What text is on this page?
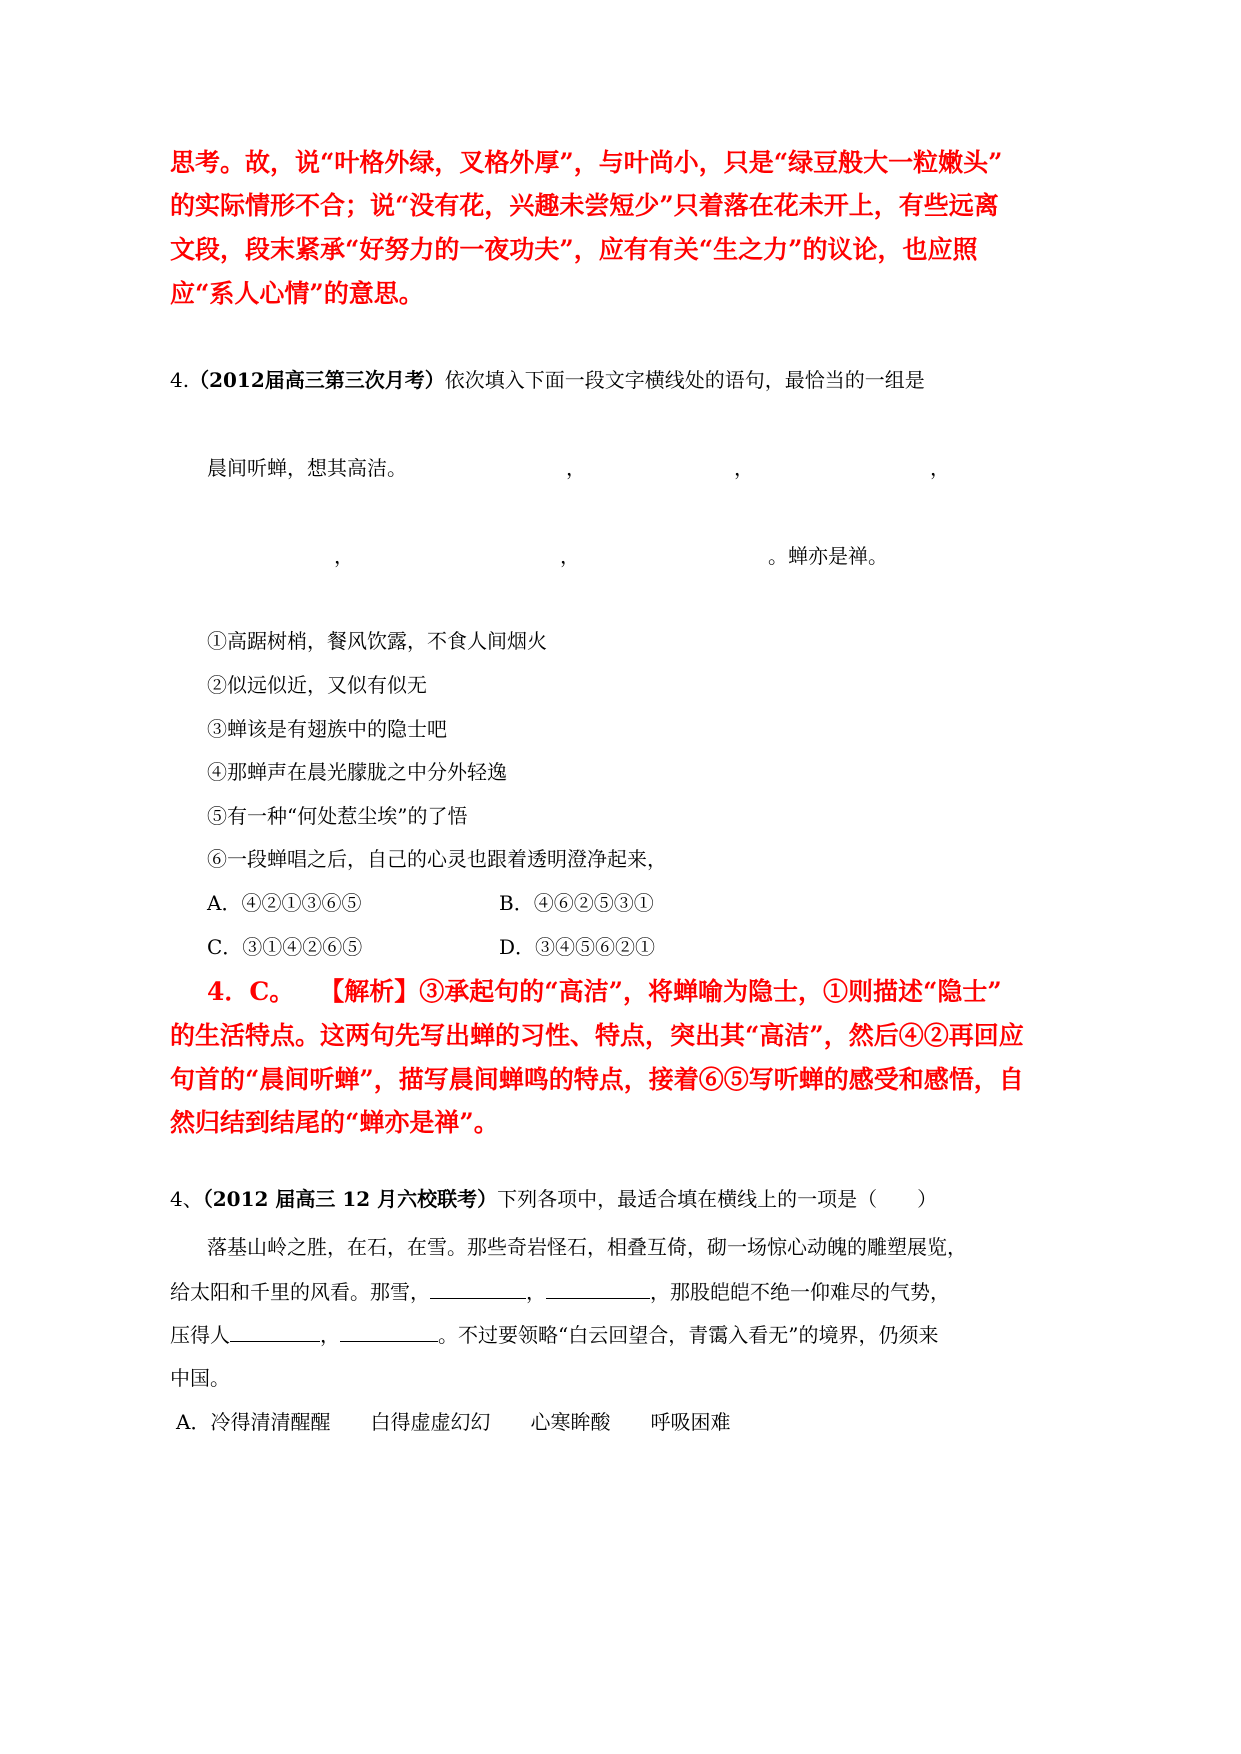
思考。故，说“叶格外绿，叉格外厚”，与叶尚小，只是“绿豆般大一粒嫩头”
的实际情形不合；说“没有花，兴趣未尝短少”只着落在花未开上，有些远离
文段，段末紧承“好努力的一夜功夫”，应有有关“生之力”的议论，也应照
应“系人心情”的意思。
4.（2012届高三第三次月考）依次填入下面一段文字横线处的语句，最恰当的一组是
晨间听蝉，想其高洁。	，	，	，
，	，	。蝉亦是禅。
①高踞树梢，餐风饮露，不食人间烟火
②似远似近，又似有似无
③蝉该是有翅族中的隐士吧
④那蝉声在晨光朦胧之中分外轻逸
⑤有一种“何处惹尘埃”的了悟
⑥一段蝉唱之后，自己的心灵也跟着透明澄净起来，
A．④②①③⑥⑤	B．④⑥②⑤③①
C．③①④②⑥⑤	D．③④⑤⑥②①
4．C。　　【解析】③承起句的“高洁”，将蝉喻为隐士，①则描述“隐士”
的生活特点。这两句先写出蝉的习性、特点，突出其“高洁”，然后④②再回应
句首的“晨间听蝉”，描写晨间蝉鸣的特点，接着⑥⑤写听蝉的感受和感悟，自
然归结到结尾的“蝉亦是禅”。
4、（2012 届高三 12 月六校联考）下列各项中，最适合填在横线上的一项是（　　）
落基山岭之胜，在石，在雪。那些奇岩怪石，相叠互倚，砌一场惊心动魄的雕塑展览，
给太阳和千里的风看。那雪，	，	，那股皑皑不绝一仰难尽的气势，
压得人	，	。不过要领略“白云回望合，青霭入看无”的境界，仍须来
中国。
A．冷得清清醒醒　　白得虚虚幻幻　　心寒眸酸　　呼吸困难
